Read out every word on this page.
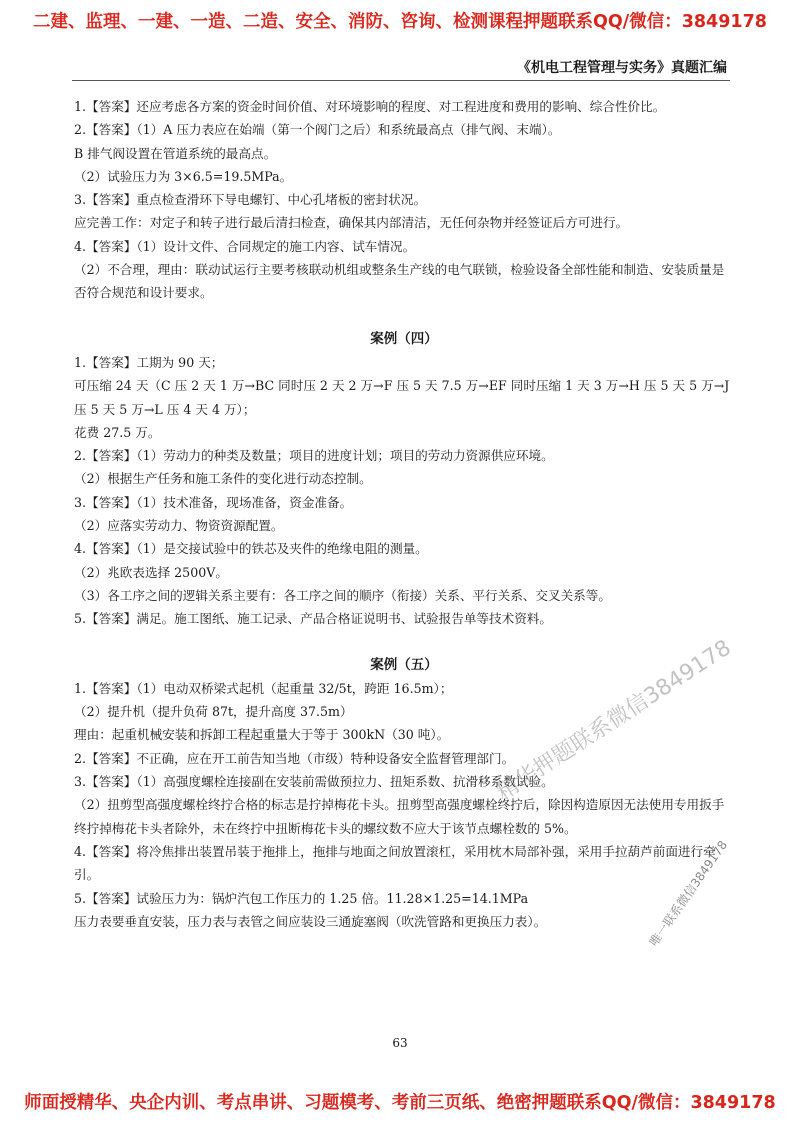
二建、监理、一建、一造、二造、安全、消防、咨询、检测课程押题联系QQ/微信：3849178
《机电工程管理与实务》真题汇编

1.【答案】还应考虑各方案的资金时间价值、对环境影响的程度、对工程进度和费用的影响、综合性价比。

2.【答案】（1）A 压力表应在始端（第一个阀门之后）和系统最高点（排气阀、末端）。

B 排气阀设置在管道系统的最高点。

（2）试验压力为 3×6.5=19.5MPa。

3.【答案】重点检查滑环下导电螺钉、中心孔堵板的密封状况。

应完善工作：对定子和转子进行最后清扫检查，确保其内部清洁，无任何杂物并经签证后方可进行。

4.【答案】（1）设计文件、合同规定的施工内容、试车情况。

（2）不合理，理由：联动试运行主要考核联动机组或整条生产线的电气联锁，检验设备全部性能和制造、安装质量是否符合规范和设计要求。

案例（四）

1.【答案】工期为 90 天；

可压缩 24 天（C 压 2 天 1 万→BC 同时压 2 天 2 万→F 压 5 天 7.5 万→EF 同时压缩 1 天 3 万→H 压 5 天 5 万→J 压 5 天 5 万→L 压 4 天 4 万）；

花费 27.5 万。

2.【答案】（1）劳动力的种类及数量；项目的进度计划；项目的劳动力资源供应环境。

（2）根据生产任务和施工条件的变化进行动态控制。

3.【答案】（1）技术准备，现场准备，资金准备。

（2）应落实劳动力、物资资源配置。

4.【答案】（1）是交接试验中的铁芯及夹件的绝缘电阻的测量。

（2）兆欧表选择 2500V。

（3）各工序之间的逻辑关系主要有：各工序之间的顺序（衔接）关系、平行关系、交叉关系等。

5.【答案】满足。施工图纸、施工记录、产品合格证说明书、试验报告单等技术资料。

案例（五）

1.【答案】（1）电动双桥梁式起机（起重量 32/5t，跨距 16.5m）；

（2）提升机（提升负荷 87t，提升高度 37.5m）

理由：起重机械安装和拆卸工程起重量大于等于 300kN（30 吨）。

2.【答案】不正确，应在开工前告知当地（市级）特种设备安全监督管理部门。

3.【答案】（1）高强度螺栓连接副在安装前需做预拉力、扭矩系数、抗滑移系数试验。

（2）扭剪型高强度螺栓终拧合格的标志是拧掉梅花卡头。扭剪型高强度螺栓终拧后，除因构造原因无法使用专用扳手终拧掉梅花卡头者除外，未在终拧中扭断梅花卡头的螺纹数不应大于该节点螺栓数的 5%。

4.【答案】将冷焦排出装置吊装于拖排上，拖排与地面之间放置滚杠，采用枕木局部补强，采用手拉葫芦前面进行牵引。

5.【答案】试验压力为：锅炉汽包工作压力的 1.25 倍。11.28×1.25=14.1MPa

压力表要垂直安装，压力表与表管之间应装设三通旋塞阀（吹洗管路和更换压力表）。

精华押题联系微信3849178
唯一联系微信3849178
63
师面授精华、央企内训、考点串讲、习题模考、考前三页纸、绝密押题联系QQ/微信：3849178
